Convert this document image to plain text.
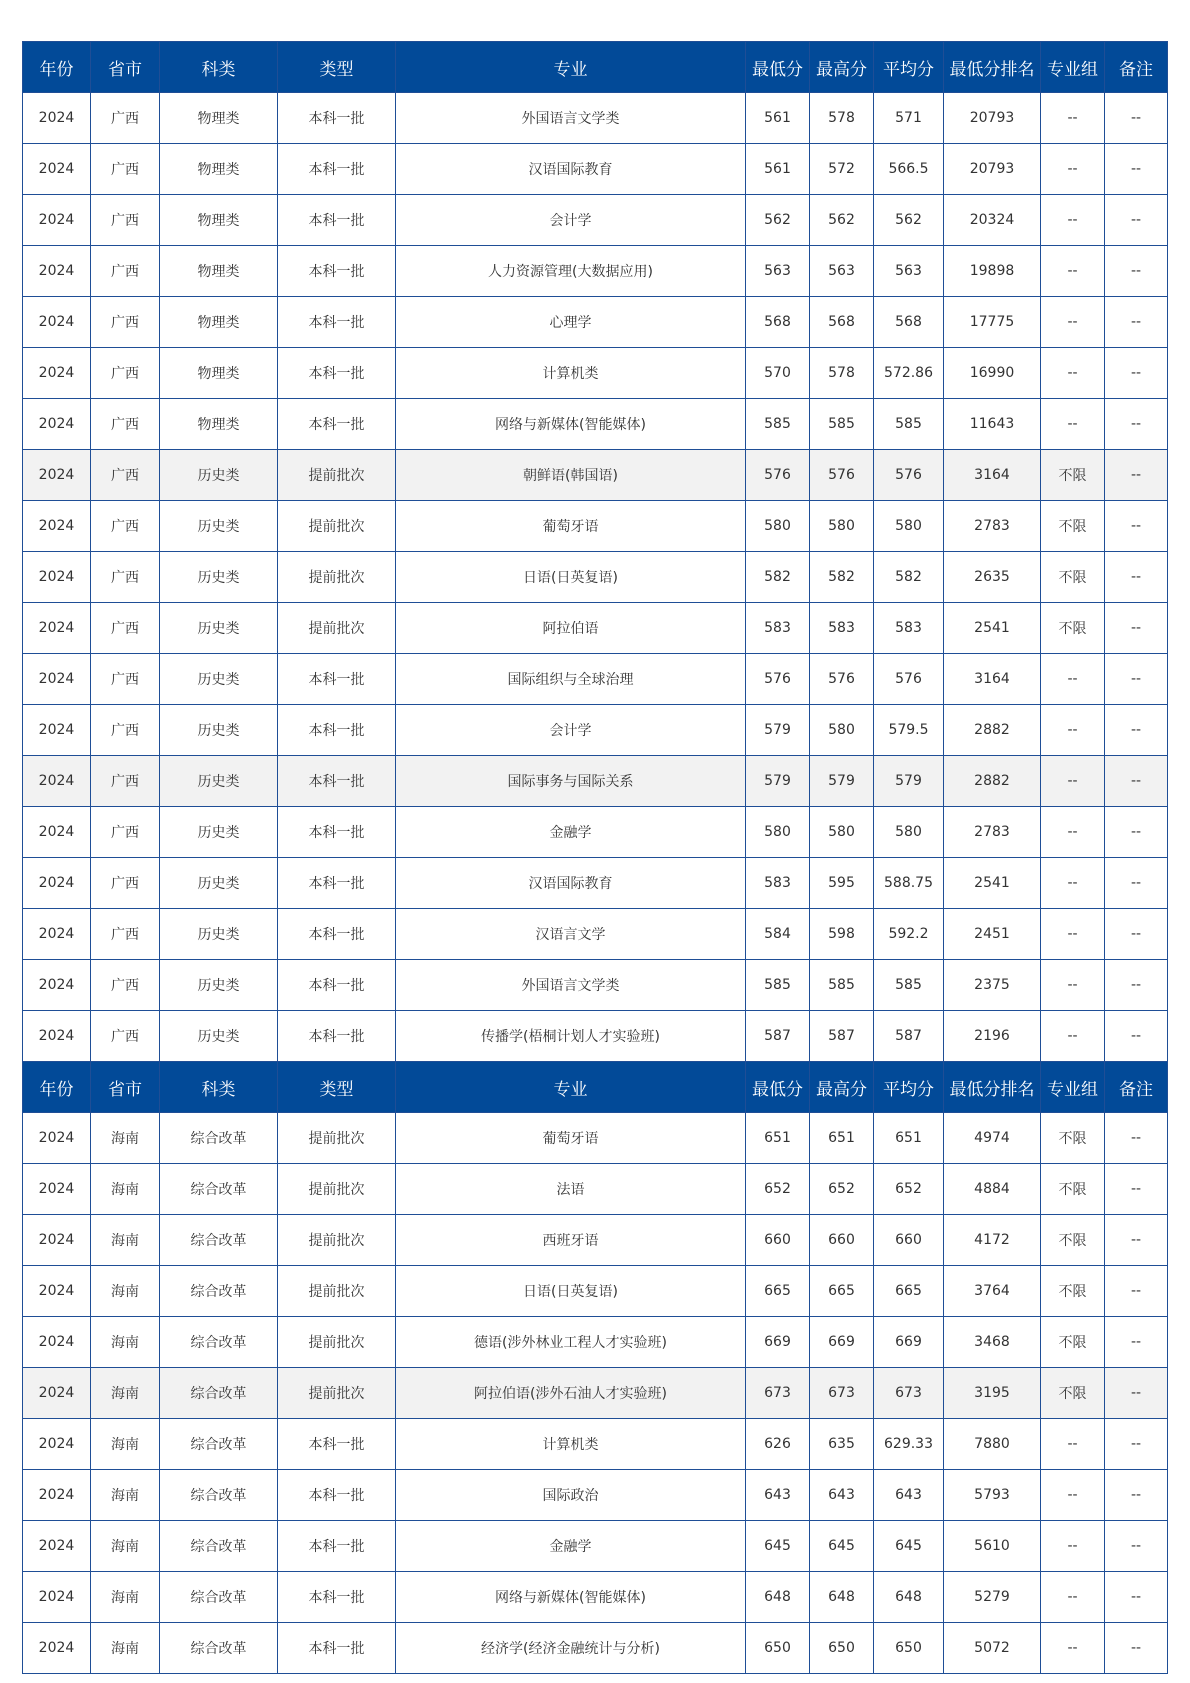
年份	省市	科类	类型	专业	最低分	最高分	平均分	最低分排名	专业组	备注
2024	广西	物理类	本科一批	外国语言文学类	561	578	571	20793	--	--
2024	广西	物理类	本科一批	汉语国际教育	561	572	566.5	20793	--	--
2024	广西	物理类	本科一批	会计学	562	562	562	20324	--	--
2024	广西	物理类	本科一批	人力资源管理(大数据应用)	563	563	563	19898	--	--
2024	广西	物理类	本科一批	心理学	568	568	568	17775	--	--
2024	广西	物理类	本科一批	计算机类	570	578	572.86	16990	--	--
2024	广西	物理类	本科一批	网络与新媒体(智能媒体)	585	585	585	11643	--	--
2024	广西	历史类	提前批次	朝鲜语(韩国语)	576	576	576	3164	不限	--
2024	广西	历史类	提前批次	葡萄牙语	580	580	580	2783	不限	--
2024	广西	历史类	提前批次	日语(日英复语)	582	582	582	2635	不限	--
2024	广西	历史类	提前批次	阿拉伯语	583	583	583	2541	不限	--
2024	广西	历史类	本科一批	国际组织与全球治理	576	576	576	3164	--	--
2024	广西	历史类	本科一批	会计学	579	580	579.5	2882	--	--
2024	广西	历史类	本科一批	国际事务与国际关系	579	579	579	2882	--	--
2024	广西	历史类	本科一批	金融学	580	580	580	2783	--	--
2024	广西	历史类	本科一批	汉语国际教育	583	595	588.75	2541	--	--
2024	广西	历史类	本科一批	汉语言文学	584	598	592.2	2451	--	--
2024	广西	历史类	本科一批	外国语言文学类	585	585	585	2375	--	--
2024	广西	历史类	本科一批	传播学(梧桐计划人才实验班)	587	587	587	2196	--	--
年份	省市	科类	类型	专业	最低分	最高分	平均分	最低分排名	专业组	备注
2024	海南	综合改革	提前批次	葡萄牙语	651	651	651	4974	不限	--
2024	海南	综合改革	提前批次	法语	652	652	652	4884	不限	--
2024	海南	综合改革	提前批次	西班牙语	660	660	660	4172	不限	--
2024	海南	综合改革	提前批次	日语(日英复语)	665	665	665	3764	不限	--
2024	海南	综合改革	提前批次	德语(涉外林业工程人才实验班)	669	669	669	3468	不限	--
2024	海南	综合改革	提前批次	阿拉伯语(涉外石油人才实验班)	673	673	673	3195	不限	--
2024	海南	综合改革	本科一批	计算机类	626	635	629.33	7880	--	--
2024	海南	综合改革	本科一批	国际政治	643	643	643	5793	--	--
2024	海南	综合改革	本科一批	金融学	645	645	645	5610	--	--
2024	海南	综合改革	本科一批	网络与新媒体(智能媒体)	648	648	648	5279	--	--
2024	海南	综合改革	本科一批	经济学(经济金融统计与分析)	650	650	650	5072	--	--
